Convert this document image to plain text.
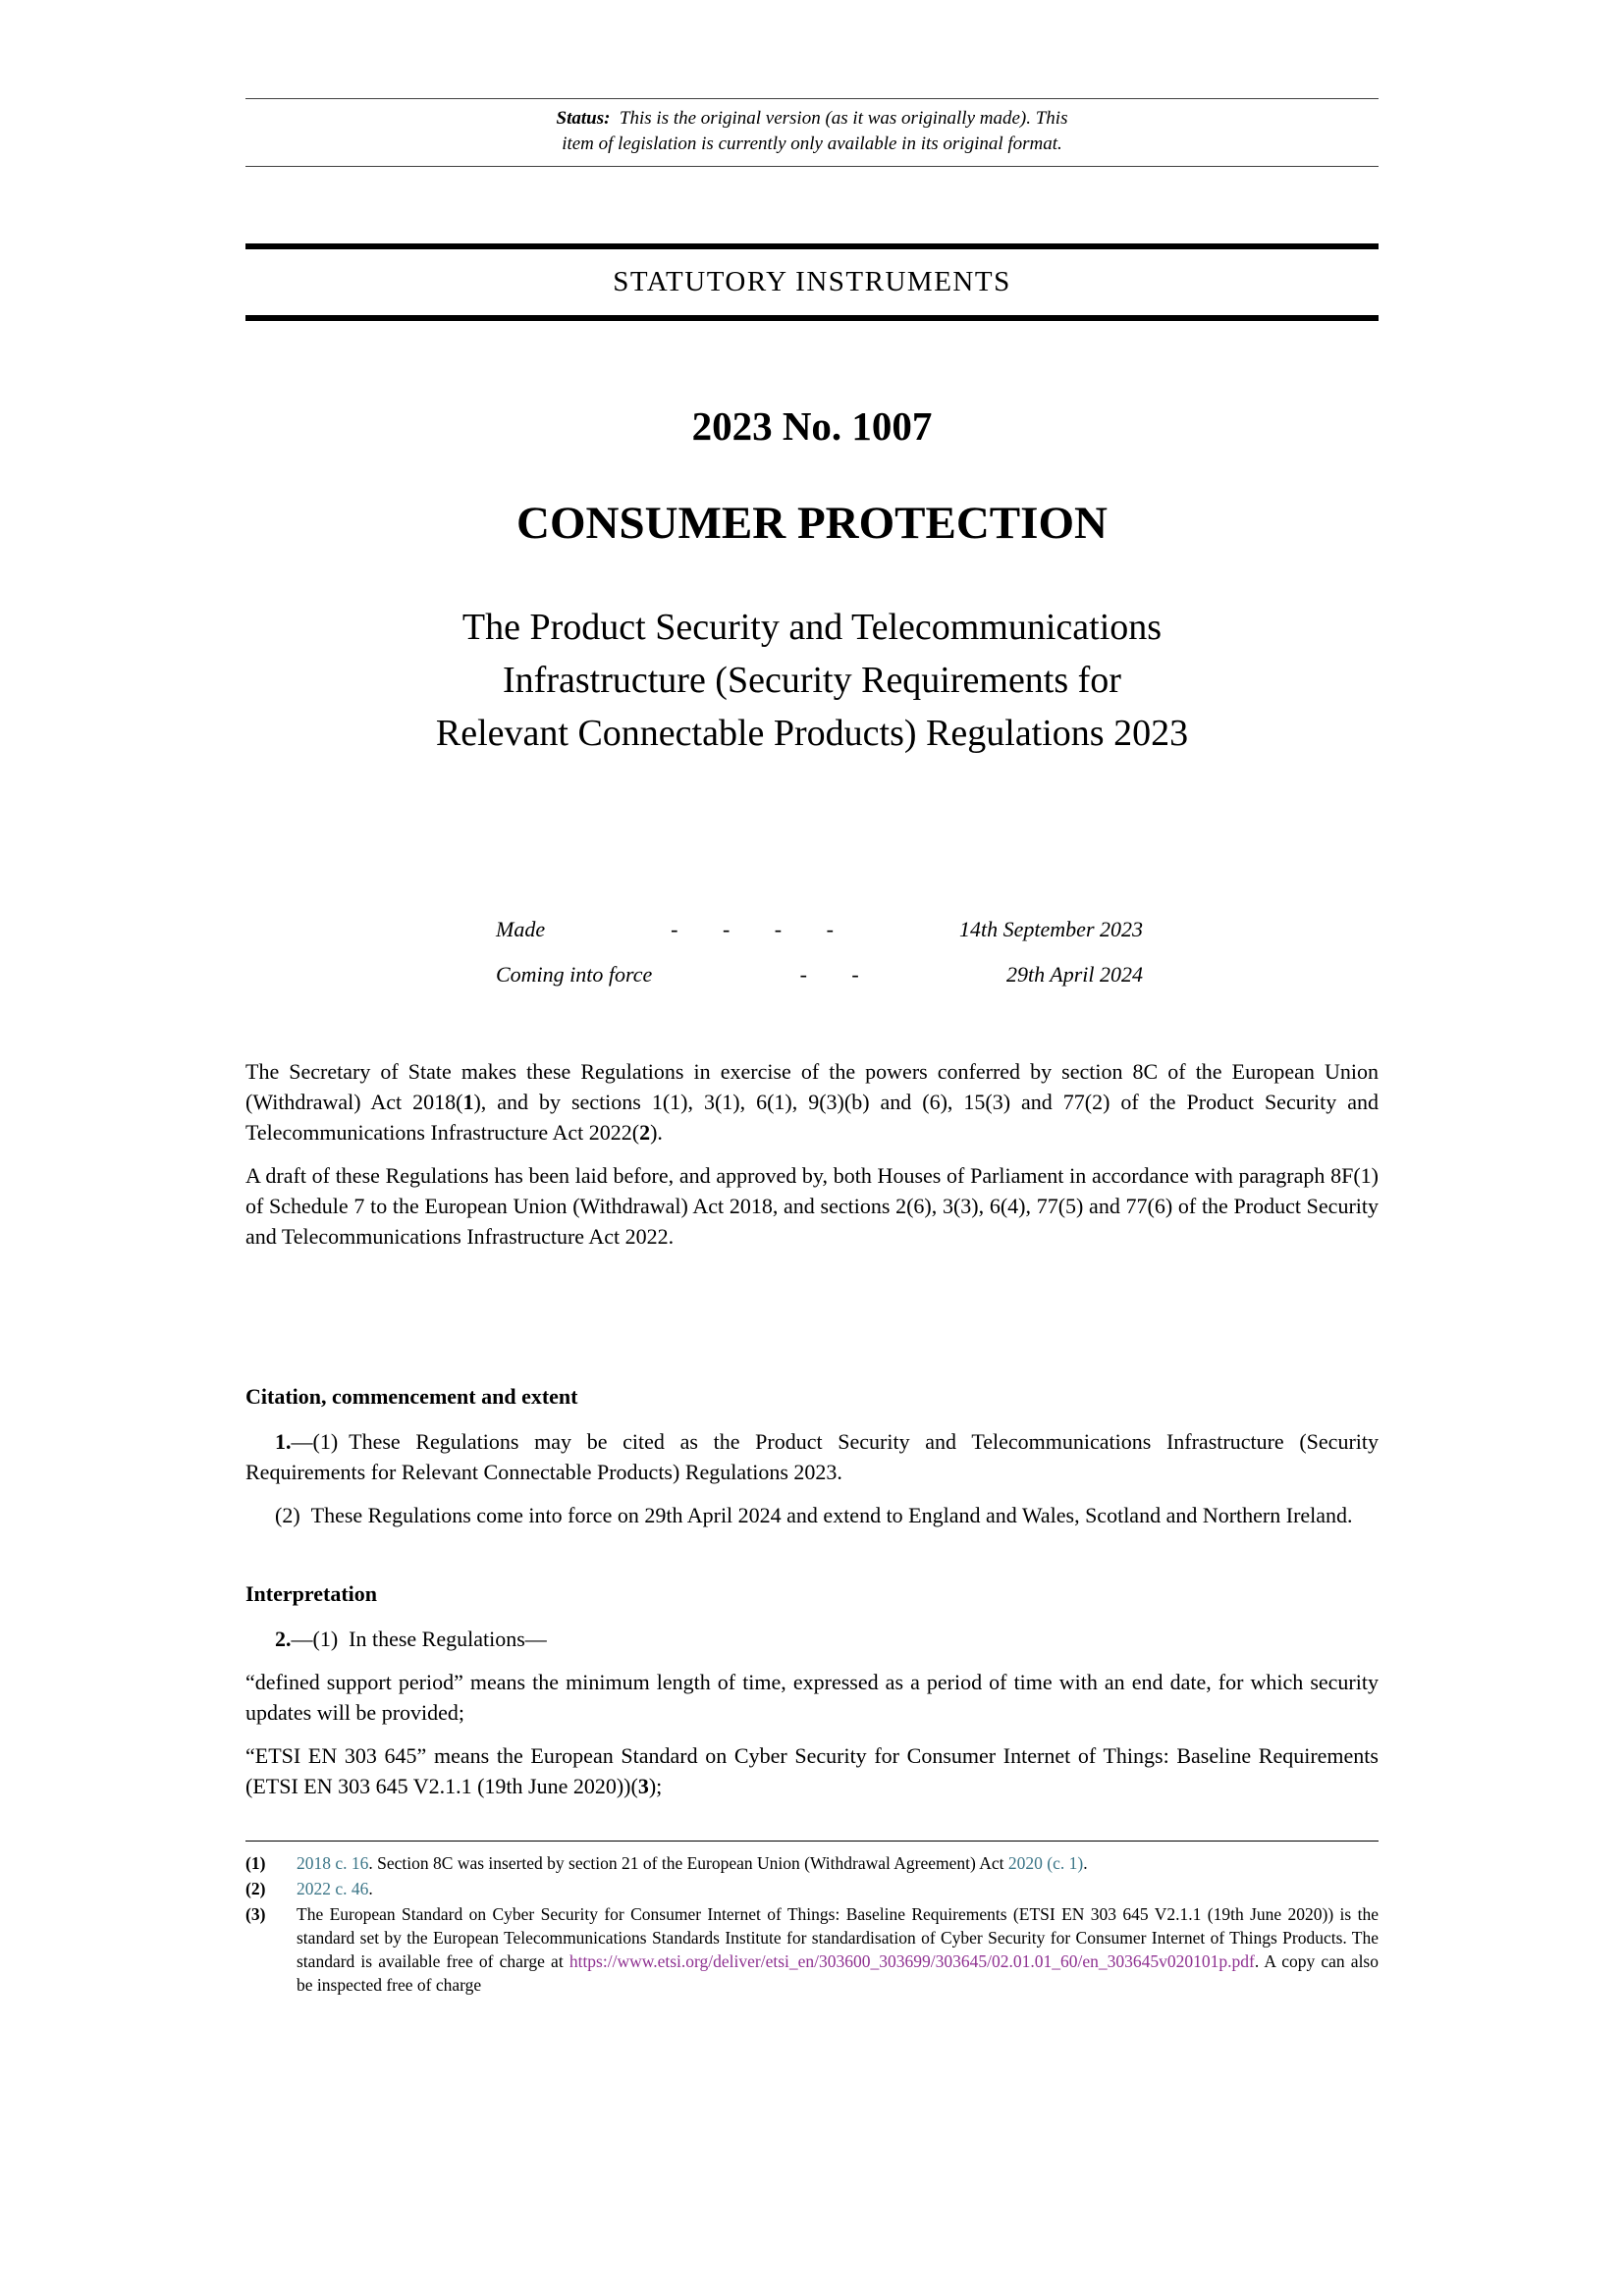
Status: This is the original version (as it was originally made). This
item of legislation is currently only available in its original format.
STATUTORY INSTRUMENTS
2023 No. 1007
CONSUMER PROTECTION
The Product Security and Telecommunications
Infrastructure (Security Requirements for
Relevant Connectable Products) Regulations 2023
Made	- - - -	14th September 2023
Coming into force	- -	29th April 2024

The Secretary of State makes these Regulations in exercise of the powers conferred by section 8C of the European Union (Withdrawal) Act 2018(1), and by sections 1(1), 3(1), 6(1), 9(3)(b) and (6), 15(3) and 77(2) of the Product Security and Telecommunications Infrastructure Act 2022(2).

A draft of these Regulations has been laid before, and approved by, both Houses of Parliament in accordance with paragraph 8F(1) of Schedule 7 to the European Union (Withdrawal) Act 2018, and sections 2(6), 3(3), 6(4), 77(5) and 77(6) of the Product Security and Telecommunications Infrastructure Act 2022.

Citation, commencement and extent

1.—(1) These Regulations may be cited as the Product Security and Telecommunications Infrastructure (Security Requirements for Relevant Connectable Products) Regulations 2023.

(2) These Regulations come into force on 29th April 2024 and extend to England and Wales, Scotland and Northern Ireland.

Interpretation

2.—(1) In these Regulations—

“defined support period” means the minimum length of time, expressed as a period of time with an end date, for which security updates will be provided;

“ETSI EN 303 645” means the European Standard on Cyber Security for Consumer Internet of Things: Baseline Requirements (ETSI EN 303 645 V2.1.1 (19th June 2020))(3);

(1)	2018 c. 16. Section 8C was inserted by section 21 of the European Union (Withdrawal Agreement) Act 2020 (c. 1).
(2)	2022 c. 46.
(3)	The European Standard on Cyber Security for Consumer Internet of Things: Baseline Requirements (ETSI EN 303 645 V2.1.1 (19th June 2020)) is the standard set by the European Telecommunications Standards Institute for standardisation of Cyber Security for Consumer Internet of Things Products. The standard is available free of charge at https://www.etsi.org/deliver/etsi_en/303600_303699/303645/02.01.01_60/en_303645v020101p.pdf. A copy can also be inspected free of charge
